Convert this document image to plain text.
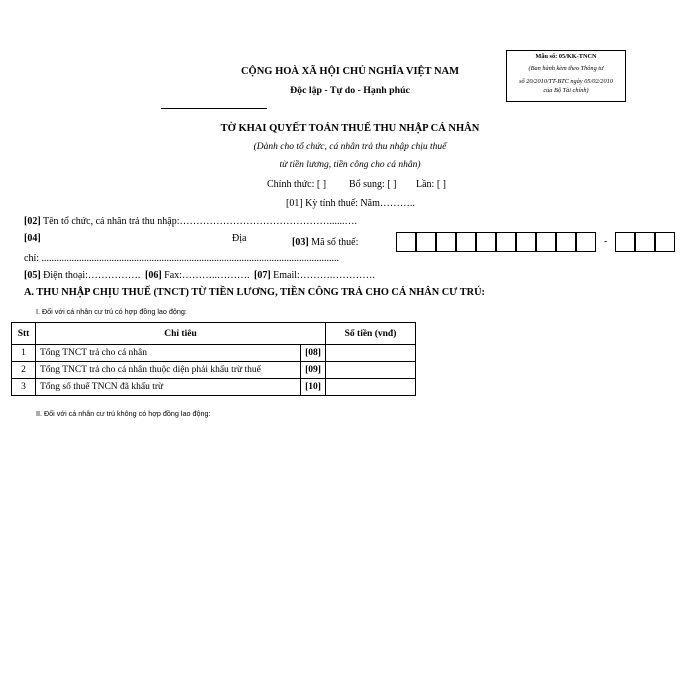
Mẫu số: 05/KK-TNCN
(Ban hành kèm theo Thông tư
số 20/2010/TT-BTC ngày 05/02/2010
của Bộ Tài chính)
CỘNG HOÀ XÃ HỘI CHỦ NGHĨA VIỆT NAM
Độc lập - Tự do - Hạnh phúc
TỜ KHAI QUYẾT TOÁN THUẾ THU NHẬP CÁ NHÂN
(Dành cho tổ chức, cá nhân trả thu nhập chịu thuế
từ tiền lương, tiền công cho cá nhân)
Chính thức: [ ] Bổ sung: [ ] Lần: [ ]
[01] Kỳ tính thuế: Năm………..
[02] Tên tổ chức, cá nhân trả thu nhập:………………………………………......….
[04]	Địa
chỉ: .......................................................................................................................
[03] Mã số thuế:	-
[05] Điện thoại:……………. [06] Fax:………..………. [07] Email:……….………….
A. THU NHẬP CHỊU THUẾ (TNCT) TỪ TIỀN LƯƠNG, TIỀN CÔNG TRẢ CHO CÁ NHÂN CƯ TRÚ:
I. Đối với cá nhân cư trú có hợp đồng lao động:
Stt	Chỉ tiêu		Số tiền (vnđ)
1	Tổng TNCT trả cho cá nhân	[08]	
2	Tổng TNCT trả cho cá nhân thuộc diện phải khấu trừ thuế	[09]	
3	Tổng số thuế TNCN đã khấu trừ	[10]	
II. Đối với cá nhân cư trú không có hợp đồng lao động:
